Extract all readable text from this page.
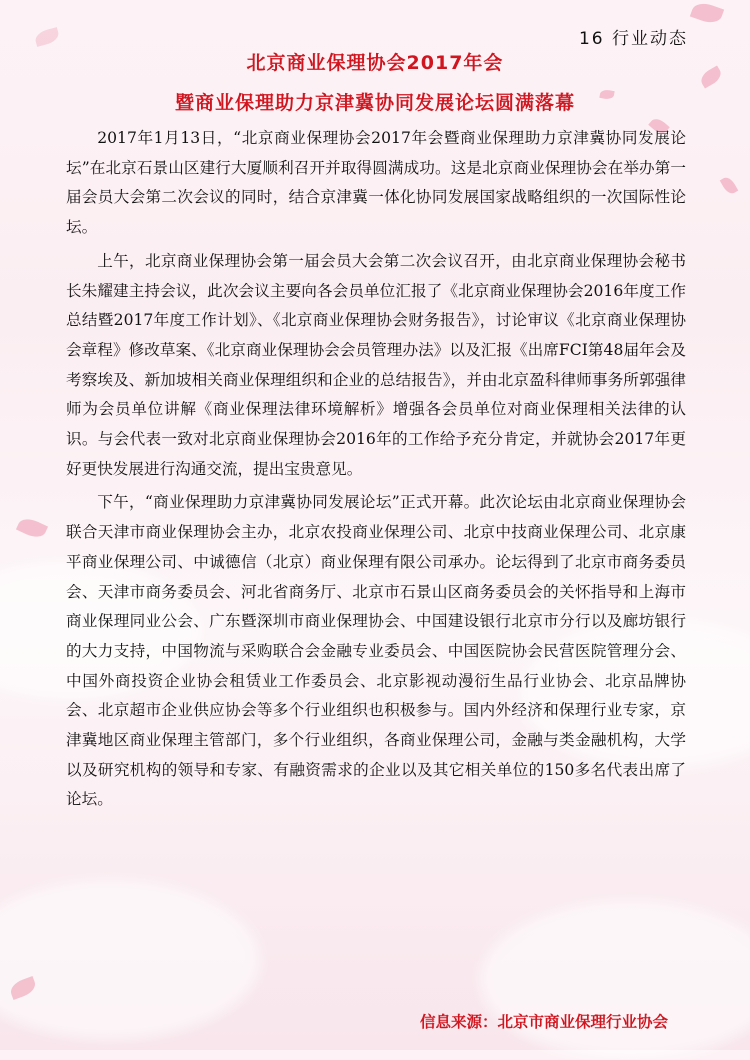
16 行业动态
北京商业保理协会2017年会
暨商业保理助力京津冀协同发展论坛圆满落幕

2017年1月13日，“北京商业保理协会2017年会暨商业保理助力京津冀协同发展论坛”在北京石景山区建行大厦顺利召开并取得圆满成功。这是北京商业保理协会在举办第一届会员大会第二次会议的同时，结合京津冀一体化协同发展国家战略组织的一次国际性论坛。

上午，北京商业保理协会第一届会员大会第二次会议召开，由北京商业保理协会秘书长朱耀建主持会议，此次会议主要向各会员单位汇报了《北京商业保理协会2016年度工作总结暨2017年度工作计划》、《北京商业保理协会财务报告》，讨论审议《北京商业保理协会章程》修改草案、《北京商业保理协会会员管理办法》以及汇报《出席FCI第48届年会及考察埃及、新加坡相关商业保理组织和企业的总结报告》，并由北京盈科律师事务所郭强律师为会员单位讲解《商业保理法律环境解析》增强各会员单位对商业保理相关法律的认识。与会代表一致对北京商业保理协会2016年的工作给予充分肯定，并就协会2017年更好更快发展进行沟通交流，提出宝贵意见。

下午，“商业保理助力京津冀协同发展论坛”正式开幕。此次论坛由北京商业保理协会联合天津市商业保理协会主办，北京农投商业保理公司、北京中技商业保理公司、北京康平商业保理公司、中诚德信（北京）商业保理有限公司承办。论坛得到了北京市商务委员会、天津市商务委员会、河北省商务厅、北京市石景山区商务委员会的关怀指导和上海市商业保理同业公会、广东暨深圳市商业保理协会、中国建设银行北京市分行以及廊坊银行的大力支持，中国物流与采购联合会金融专业委员会、中国医院协会民营医院管理分会、中国外商投资企业协会租赁业工作委员会、北京影视动漫衍生品行业协会、北京品牌协会、北京超市企业供应协会等多个行业组织也积极参与。国内外经济和保理行业专家，京津冀地区商业保理主管部门，多个行业组织，各商业保理公司，金融与类金融机构，大学以及研究机构的领导和专家、有融资需求的企业以及其它相关单位的150多名代表出席了论坛。

信息来源：北京市商业保理行业协会
